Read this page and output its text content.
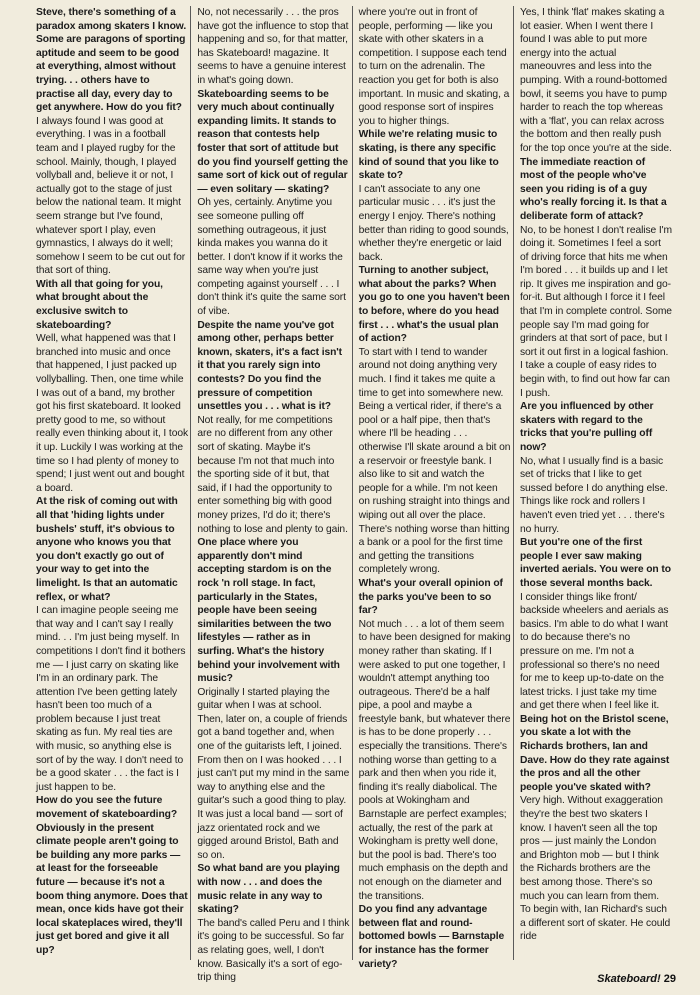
Steve, there's something of a paradox among skaters I know. Some are paragons of sporting aptitude and seem to be good at everything, almost without trying. . . others have to practise all day, every day to get anywhere. How do you fit?

I always found I was good at everything. I was in a football team and I played rugby for the school. Mainly, though, I played vollyball and, believe it or not, I actually got to the stage of just below the national team. It might seem strange but I've found, whatever sport I play, even gymnastics, I always do it well; somehow I seem to be cut out for that sort of thing.

With all that going for you, what brought about the exclusive switch to skateboarding?

Well, what happened was that I branched into music and once that happened, I just packed up vollyballing. Then, one time while I was out of a band, my brother got his first skateboard. It looked pretty good to me, so without really even thinking about it, I took it up. Luckily I was working at the time so I had plenty of money to spend; I just went out and bought a board.

At the risk of coming out with all that 'hiding lights under bushels' stuff, it's obvious to anyone who knows you that you don't exactly go out of your way to get into the limelight. Is that an automatic reflex, or what?

I can imagine people seeing me that way and I can't say I really mind. . . I'm just being myself. In competitions I don't find it bothers me — I just carry on skating like I'm in an ordinary park. The attention I've been getting lately hasn't been too much of a problem because I just treat skating as fun. My real ties are with music, so anything else is sort of by the way. I don't need to be a good skater . . . the fact is I just happen to be.

How do you see the future movement of skateboarding? Obviously in the present climate people aren't going to be building any more parks — at least for the forseeable future — because it's not a boom thing anymore. Does that mean, once kids have got their local skateplaces wired, they'll just get bored and give it all up?

No, not necessarily . . . the pros have got the influence to stop that happening and so, for that matter, has Skateboard! magazine. It seems to have a genuine interest in what's going down.

Skateboarding seems to be very much about continually expanding limits. It stands to reason that contests help foster that sort of attitude but do you find yourself getting the same sort of kick out of regular — even solitary — skating?

Oh yes, certainly. Anytime you see someone pulling off something outrageous, it just kinda makes you wanna do it better. I don't know if it works the same way when you're just competing against yourself . . . I don't think it's quite the same sort of vibe.

Despite the name you've got among other, perhaps better known, skaters, it's a fact isn't it that you rarely sign into contests? Do you find the pressure of competition unsettles you . . . what is it?

Not really, for me competitions are no different from any other sort of skating. Maybe it's because I'm not that much into the sporting side of it but, that said, if I had the opportunity to enter something big with good money prizes, I'd do it; there's nothing to lose and plenty to gain.

One place where you apparently don't mind accepting stardom is on the rock 'n roll stage. In fact, particularly in the States, people have been seeing similarities between the two lifestyles — rather as in surfing. What's the history behind your involvement with music?

Originally I started playing the guitar when I was at school. Then, later on, a couple of friends got a band together and, when one of the guitarists left, I joined. From then on I was hooked . . . I just can't put my mind in the same way to anything else and the guitar's such a good thing to play. It was just a local band — sort of jazz orientated rock and we gigged around Bristol, Bath and so on.

So what band are you playing with now . . . and does the music relate in any way to skating?

The band's called Peru and I think it's going to be successful. So far as relating goes, well, I don't know. Basically it's a sort of ego-trip thing

where you're out in front of people, performing — like you skate with other skaters in a competition. I suppose each tend to turn on the adrenalin. The reaction you get for both is also important. In music and skating, a good response sort of inspires you to higher things.

While we're relating music to skating, is there any specific kind of sound that you like to skate to?

I can't associate to any one particular music . . . it's just the energy I enjoy. There's nothing better than riding to good sounds, whether they're energetic or laid back.

Turning to another subject, what about the parks? When you go to one you haven't been to before, where do you head first . . . what's the usual plan of action?

To start with I tend to wander around not doing anything very much. I find it takes me quite a time to get into somewhere new. Being a vertical rider, if there's a pool or a half pipe, then that's where I'll be heading . . . otherwise I'll skate around a bit on a reservoir or freestyle bank. I also like to sit and watch the people for a while. I'm not keen on rushing straight into things and wiping out all over the place. There's nothing worse than hitting a bank or a pool for the first time and getting the transitions completely wrong.

What's your overall opinion of the parks you've been to so far?

Not much . . . a lot of them seem to have been designed for making money rather than skating. If I were asked to put one together, I wouldn't attempt anything too outrageous. There'd be a half pipe, a pool and maybe a freestyle bank, but whatever there is has to be done properly . . . especially the transitions. There's nothing worse than getting to a park and then when you ride it, finding it's really diabolical. The pools at Wokingham and Barnstaple are perfect examples; actually, the rest of the park at Wokingham is pretty well done, but the pool is bad. There's too much emphasis on the depth and not enough on the diameter and the transitions.

Do you find any advantage between flat and round-bottomed bowls — Barnstaple for instance has the former variety?

Yes, I think 'flat' makes skating a lot easier. When I went there I found I was able to put more energy into the actual maneouvres and less into the pumping. With a round-bottomed bowl, it seems you have to pump harder to reach the top whereas with a 'flat', you can relax across the bottom and then really push for the top once you're at the side.

The immediate reaction of most of the people who've seen you riding is of a guy who's really forcing it. Is that a deliberate form of attack?

No, to be honest I don't realise I'm doing it. Sometimes I feel a sort of driving force that hits me when I'm bored . . . it builds up and I let rip. It gives me inspiration and go-for-it. But although I force it I feel that I'm in complete control. Some people say I'm mad going for grinders at that sort of pace, but I sort it out first in a logical fashion. I take a couple of easy rides to begin with, to find out how far can I push.

Are you influenced by other skaters with regard to the tricks that you're pulling off now?

No, what I usually find is a basic set of tricks that I like to get sussed before I do anything else. Things like rock and rollers I haven't even tried yet . . . there's no hurry.

But you're one of the first people I ever saw making inverted aerials. You were on to those several months back.

I consider things like front/ backside wheelers and aerials as basics. I'm able to do what I want to do because there's no pressure on me. I'm not a professional so there's no need for me to keep up-to-date on the latest tricks. I just take my time and get there when I feel like it.

Being hot on the Bristol scene, you skate a lot with the Richards brothers, Ian and Dave. How do they rate against the pros and all the other people you've skated with?

Very high. Without exaggeration they're the best two skaters I know. I haven't seen all the top pros — just mainly the London and Brighton mob — but I think the Richards brothers are the best among those. There's so much you can learn from them. To begin with, Ian Richard's such a different sort of skater. He could ride

Skateboard! 29
